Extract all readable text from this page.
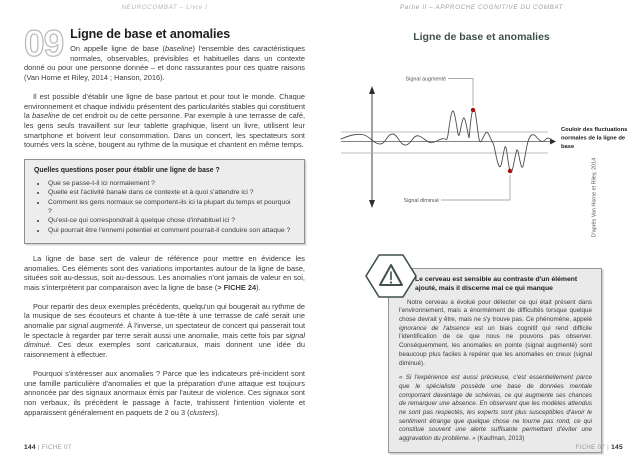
NEUROCOMBAT – Livre I
09 Ligne de base et anomalies

On appelle ligne de base (baseline) l'ensemble des caractéristiques normales, observables, prévisibles et habituelles dans un contexte donné ou pour une personne donnée – et donc rassurantes pour ces quatre raisons (Van Horne et Riley, 2014 ; Hanson, 2016).

Il est possible d'établir une ligne de base partout et pour tout le monde. Chaque environnement et chaque individu présentent des particularités stables qui constituent la baseline de cet endroit ou de cette personne. Par exemple à une terrasse de café, les gens seuls travaillent sur leur tablette graphique, lisent un livre, utilisent leur smartphone et boivent leur consommation. Dans un concert, les spectateurs sont tournés vers la scène, bougent au rythme de la musique et chantent en même temps.

Quelles questions poser pour établir une ligne de base ?
• Que se passe-t-il ici normalement ?
• Quelle est l'activité banale dans ce contexte et à quoi s'attendre ici ?
• Comment les gens normaux se comportent-ils ici la plupart du temps et pourquoi ?
• Qu'est-ce qui correspondrait à quelque chose d'inhabituel ici ?
• Qui pourrait être l'ennemi potentiel et comment pourrait-il conduire son attaque ?

La ligne de base sert de valeur de référence pour mettre en évidence les anomalies. Ces éléments sont des variations importantes autour de la ligne de base, situées soit au-dessus, soit au-dessous. Les anomalies n'ont jamais de valeur en soi, mais s'interprètent par comparaison avec la ligne de base (> FICHE 24).

Pour repartir des deux exemples précédents, quelqu'un qui bougerait au rythme de la musique de ses écouteurs et chante à tue-tête à une terrasse de café serait une anomalie par signal augmenté. À l'inverse, un spectateur de concert qui passerait tout le spectacle à regarder par terre serait aussi une anomalie, mais cette fois par signal diminué. Ces deux exemples sont caricaturaux, mais donnent une idée du raisonnement à effectuer.

Pourquoi s'intéresser aux anomalies ? Parce que les indicateurs pré-incident sont une famille particulière d'anomalies et que la préparation d'une attaque est toujours annoncée par des signaux anormaux émis par l'auteur de violence. Ces signaux sont non verbaux, ils précèdent le passage à l'acte, trahissent l'intention violente et apparaissent généralement en paquets de 2 ou 3 (clusters).

144 | FICHE 07
Partie II – APPROCHE COGNITIVE DU COMBAT
Ligne de base et anomalies
Signal augmenté
Signal diminué
Couloir des fluctuations
normales de la ligne de
base
D'après Van Horne et Riley, 2014
Le cerveau est sensible au contraste d'un élément ajouté, mais il discerne mal ce qui manque

Notre cerveau a évolué pour détecter ce qui était présent dans l'environnement, mais a énormément de difficultés lorsque quelque chose devrait y être, mais ne s'y trouve pas. Ce phénomène, appelé ignorance de l'absence est un biais cognitif qui rend difficile l'identification de ce que nous ne pouvons pas observer. Conséquemment, les anomalies en pointe (signal augmenté) sont beaucoup plus faciles à repérer que les anomalies en creux (signal diminué).

« Si l'expérience est aussi précieuse, c'est essentiellement parce que le spécialiste possède une base de données mentale comportant davantage de schémas, ce qui augmente ses chances de remarquer une absence. En observant que les modèles attendus ne sont pas respectés, les experts sont plus susceptibles d'avoir le sentiment étrange que quelque chose ne tourne pas rond, ce qui constitue souvent une alerte suffisante permettant d'éviter une aggravation du problème. » (Kaufman, 2013)

FICHE 07 | 145
